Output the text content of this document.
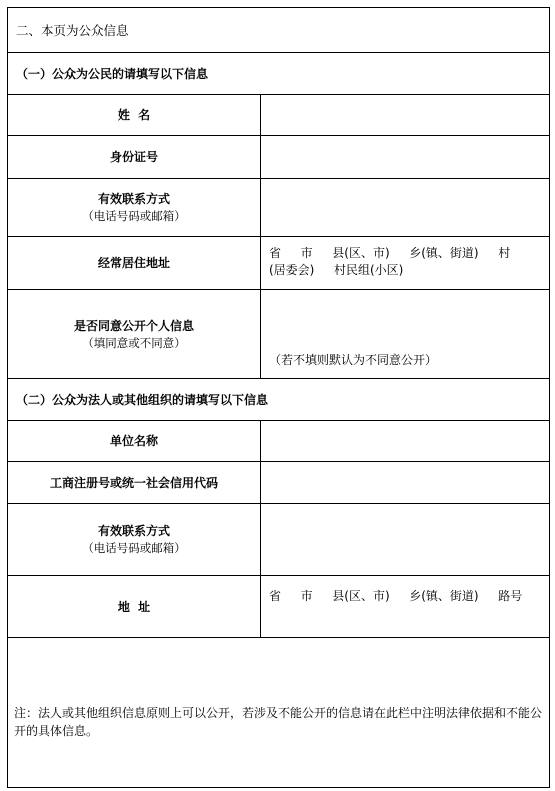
二、本页为公众信息
（一）公众为公民的请填写以下信息
姓  名
身份证号
有效联系方式
（电话号码或邮箱）
经常居住地址
省  市  县(区、市)  乡(镇、街道)  村
(居委会)  村民组(小区)
是否同意公开个人信息
（填同意或不同意）
（若不填则默认为不同意公开）
（二）公众为法人或其他组织的请填写以下信息
单位名称
工商注册号或统一社会信用代码
有效联系方式
（电话号码或邮箱）
地  址
省  市  县(区、市)  乡(镇、街道)  路号
注：法人或其他组织信息原则上可以公开，若涉及不能公开的信息请在此栏中注明法律依据和不能公开的具体信息。
